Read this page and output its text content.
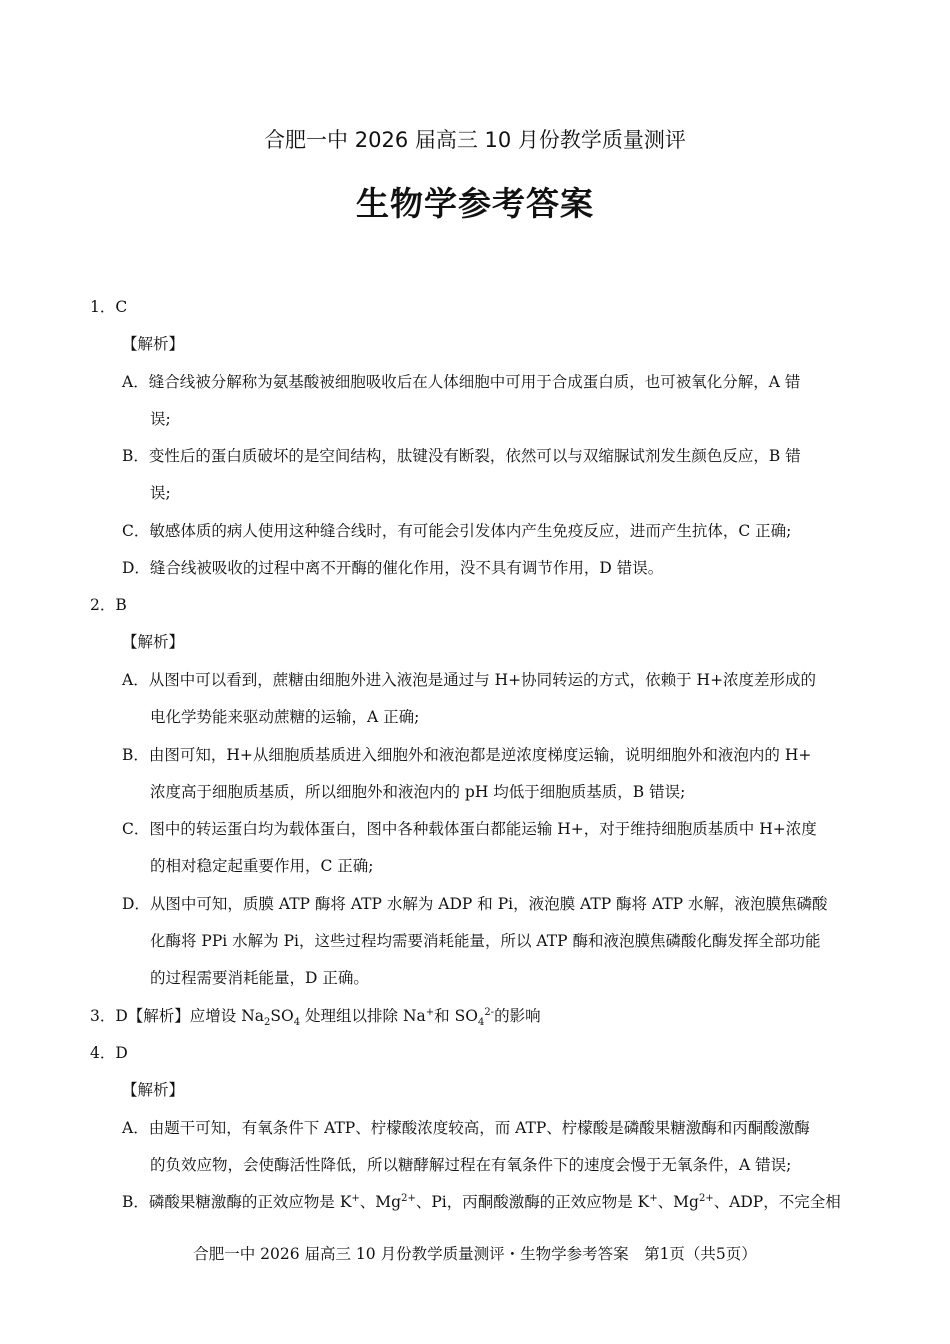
合肥一中 2026 届高三 10 月份教学质量测评
生物学参考答案
1．C
【解析】
A．缝合线被分解称为氨基酸被细胞吸收后在人体细胞中可用于合成蛋白质，也可被氧化分解，A 错
误;
B．变性后的蛋白质破坏的是空间结构，肽键没有断裂，依然可以与双缩脲试剂发生颜色反应，B 错
误;
C．敏感体质的病人使用这种缝合线时，有可能会引发体内产生免疫反应，进而产生抗体，C 正确;
D．缝合线被吸收的过程中离不开酶的催化作用，没不具有调节作用，D 错误。
2．B
【解析】
A．从图中可以看到，蔗糖由细胞外进入液泡是通过与 H+协同转运的方式，依赖于 H+浓度差形成的
电化学势能来驱动蔗糖的运输，A 正确;
B．由图可知，H+从细胞质基质进入细胞外和液泡都是逆浓度梯度运输，说明细胞外和液泡内的 H+
浓度高于细胞质基质，所以细胞外和液泡内的 pH 均低于细胞质基质，B 错误;
C．图中的转运蛋白均为载体蛋白，图中各种载体蛋白都能运输 H+，对于维持细胞质基质中 H+浓度
的相对稳定起重要作用，C 正确;
D．从图中可知，质膜 ATP 酶将 ATP 水解为 ADP 和 Pi，液泡膜 ATP 酶将 ATP 水解，液泡膜焦磷酸
化酶将 PPi 水解为 Pi，这些过程均需要消耗能量，所以 ATP 酶和液泡膜焦磷酸化酶发挥全部功能
的过程需要消耗能量，D 正确。
3．D【解析】应增设 $Na_2SO_4$ 处理组以排除 Na+和 $SO_4^{2-}$的影响
4．D
【解析】
A．由题干可知，有氧条件下 ATP、柠檬酸浓度较高，而 ATP、柠檬酸是磷酸果糖激酶和丙酮酸激酶
的负效应物，会使酶活性降低，所以糖酵解过程在有氧条件下的速度会慢于无氧条件，A 错误;
B．磷酸果糖激酶的正效应物是 K+、$Mg^{2+}$、Pi，丙酮酸激酶的正效应物是 K+、$Mg^{2+}$、ADP，不完全相
合肥一中 2026 届高三 10 月份教学质量测评・生物学参考答案　第1页（共5页）
